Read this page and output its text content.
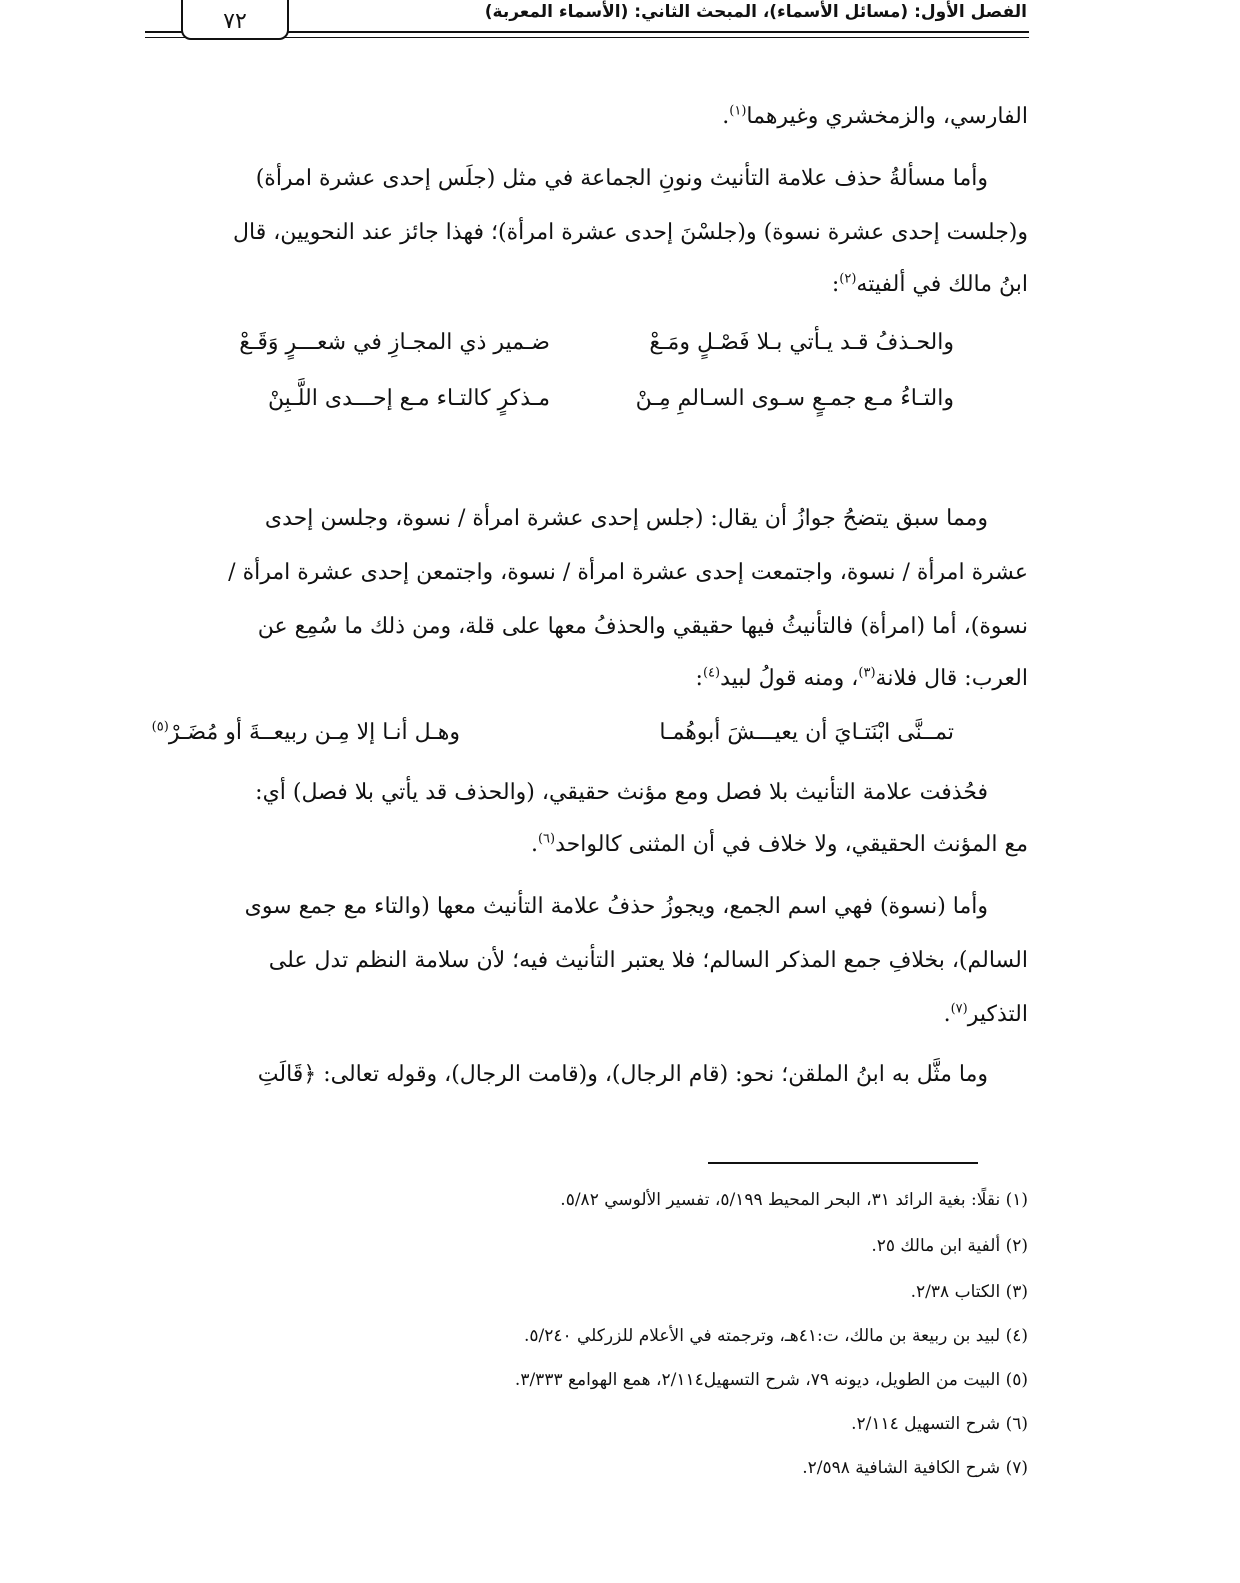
الفصل الأول: (مسائل الأسماء)، المبحث الثاني: (الأسماء المعربة)
٧٢
الفارسي، والزمخشري وغيرهما$^{(١)}$.
وأما مسألةُ حذف علامة التأنيث ونونِ الجماعة في مثل (جلَس إحدى عشرة امرأة)
و(جلست إحدى عشرة نسوة) و(جلسْنَ إحدى عشرة امرأة)؛ فهذا جائز عند النحويين، قال
ابنُ مالك في ألفيته$^{(٢)}$:
والحـذفُ قـد يـأتي بـلا فَصْـلٍ ومَـعْ
ضـمير ذي المجـازِ في شعـــرٍ وَقَـعْ
والتـاءُ مـع جمـعٍ سـوى السـالمِ مِـنْ
مـذكرٍ كالتـاء مـع إحـــدى اللَّـبِنْ
ومما سبق يتضحُ جوازُ أن يقال: (جلس إحدى عشرة امرأة / نسوة، وجلسن إحدى
عشرة امرأة / نسوة، واجتمعت إحدى عشرة امرأة / نسوة، واجتمعن إحدى عشرة امرأة /
نسوة)، أما (امرأة) فالتأنيثُ فيها حقيقي والحذفُ معها على قلة، ومن ذلك ما سُمِع عن
العرب: قال فلانة$^{(٣)}$، ومنه قولُ لبيد$^{(٤)}$:
تمــنَّى ابْنَتـايَ أن يعيـــشَ أبوهُمـا
وهـل أنـا إلا مِـن ربيعــةَ أو مُضَـرْ$^{(٥)}$
فحُذفت علامة التأنيث بلا فصل ومع مؤنث حقيقي، (والحذف قد يأتي بلا فصل) أي:
مع المؤنث الحقيقي، ولا خلاف في أن المثنى كالواحد$^{(٦)}$.
وأما (نسوة) فهي اسم الجمع، ويجوزُ حذفُ علامة التأنيث معها (والتاء مع جمع سوى
السالم)، بخلافِ جمع المذكر السالم؛ فلا يعتبر التأنيث فيه؛ لأن سلامة النظم تدل على
التذكير$^{(٧)}$.
وما مثَّل به ابنُ الملقن؛ نحو: (قام الرجال)، و(قامت الرجال)، وقوله تعالى: ﴿قَالَتِ
(١) نقلًا: بغية الرائد ٣١، البحر المحيط ٥/١٩٩، تفسير الألوسي ٥/٨٢.
(٢) ألفية ابن مالك ٢٥.
(٣) الكتاب ٢/٣٨.
(٤) لبيد بن ربيعة بن مالك، ت:٤١هـ، وترجمته في الأعلام للزركلي ٥/٢٤٠.
(٥) البيت من الطويل، ديونه ٧٩، شرح التسهيل٢/١١٤، همع الهوامع ٣/٣٣٣.
(٦) شرح التسهيل ٢/١١٤.
(٧) شرح الكافية الشافية ٢/٥٩٨.
